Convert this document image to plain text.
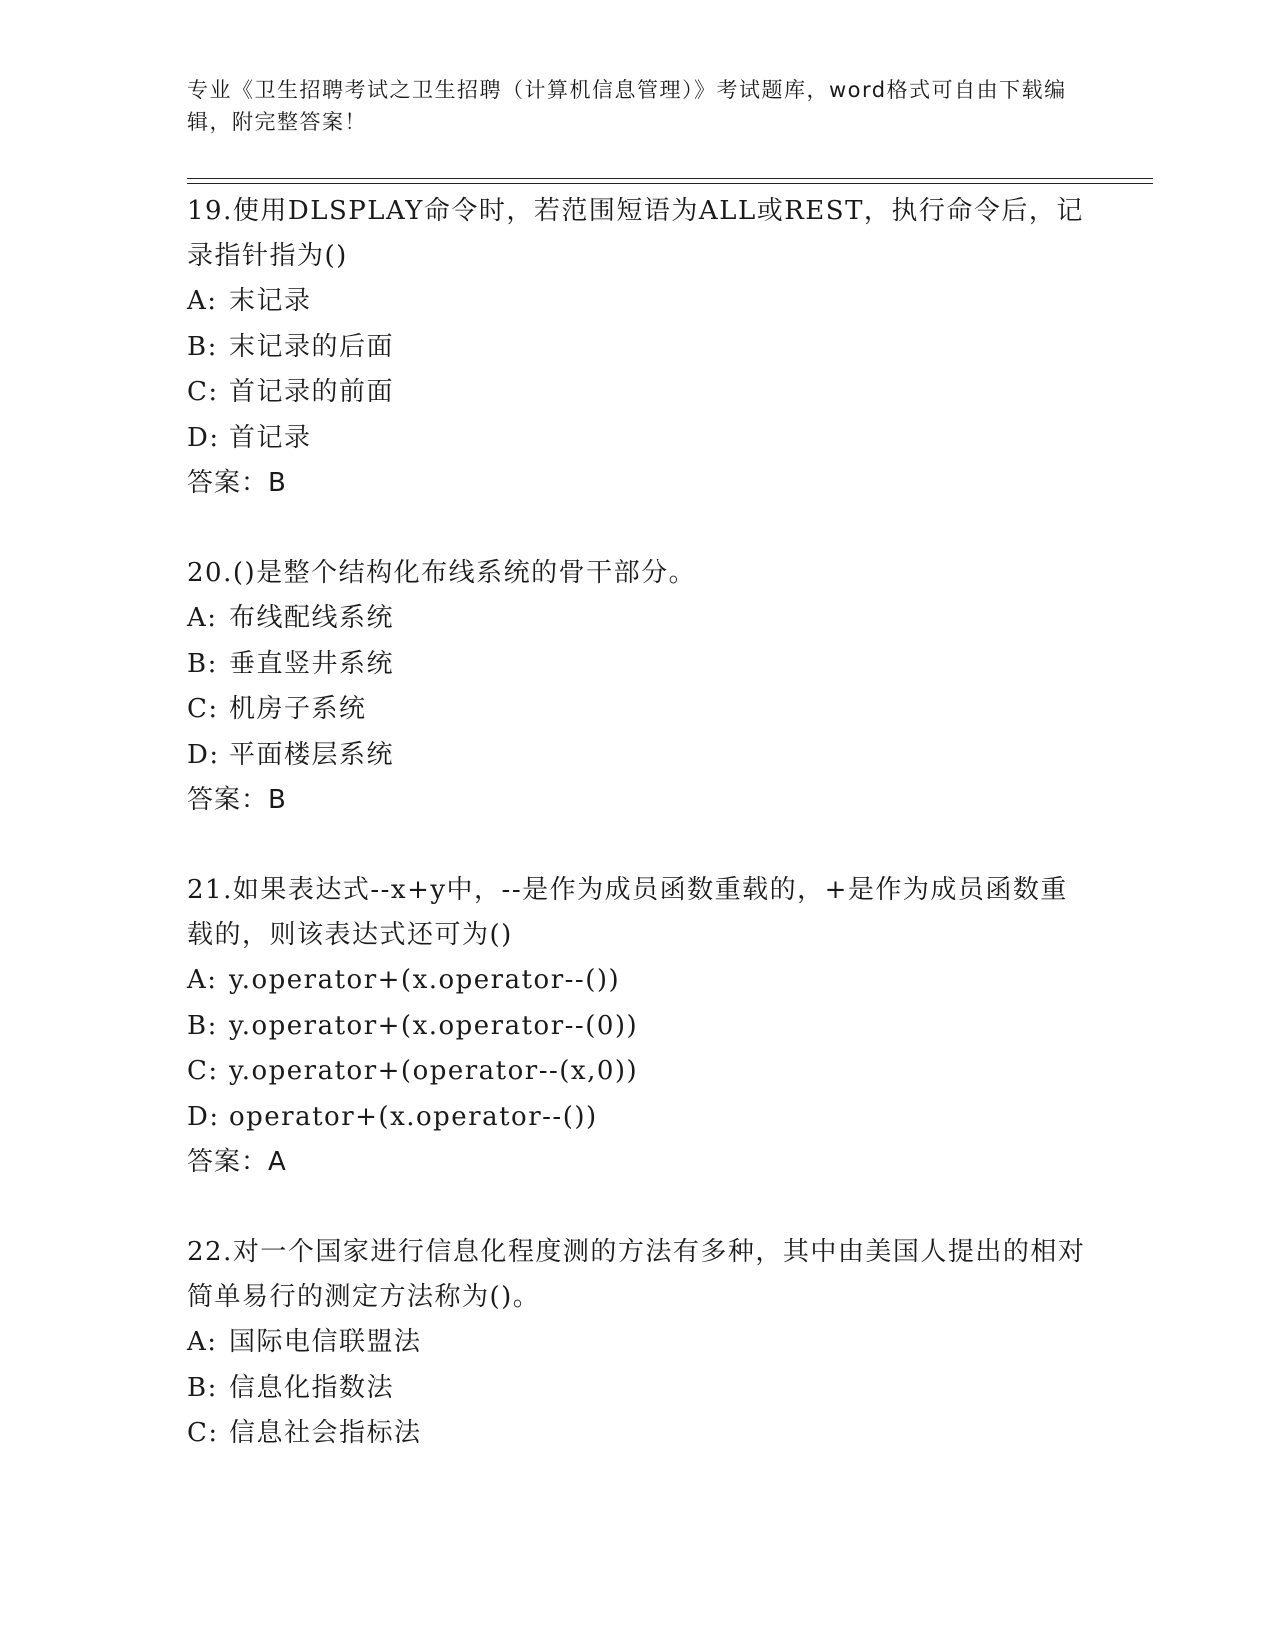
专业《卫生招聘考试之卫生招聘（计算机信息管理）》考试题库，word格式可自由下载编辑，附完整答案！

19.使用DLSPLAY命令时，若范围短语为ALL或REST，执行命令后，记录指针指为()

A: 末记录

B: 末记录的后面

C: 首记录的前面

D: 首记录

答案：B

20.()是整个结构化布线系统的骨干部分。

A: 布线配线系统

B: 垂直竖井系统

C: 机房子系统

D: 平面楼层系统

答案：B

21.如果表达式--x+y中，--是作为成员函数重载的，+是作为成员函数重载的，则该表达式还可为()

A: y.operator+(x.operator--())

B: y.operator+(x.operator--(0))

C: y.operator+(operator--(x,0))

D: operator+(x.operator--())

答案：A

22.对一个国家进行信息化程度测的方法有多种，其中由美国人提出的相对简单易行的测定方法称为()。

A: 国际电信联盟法

B: 信息化指数法

C: 信息社会指标法
